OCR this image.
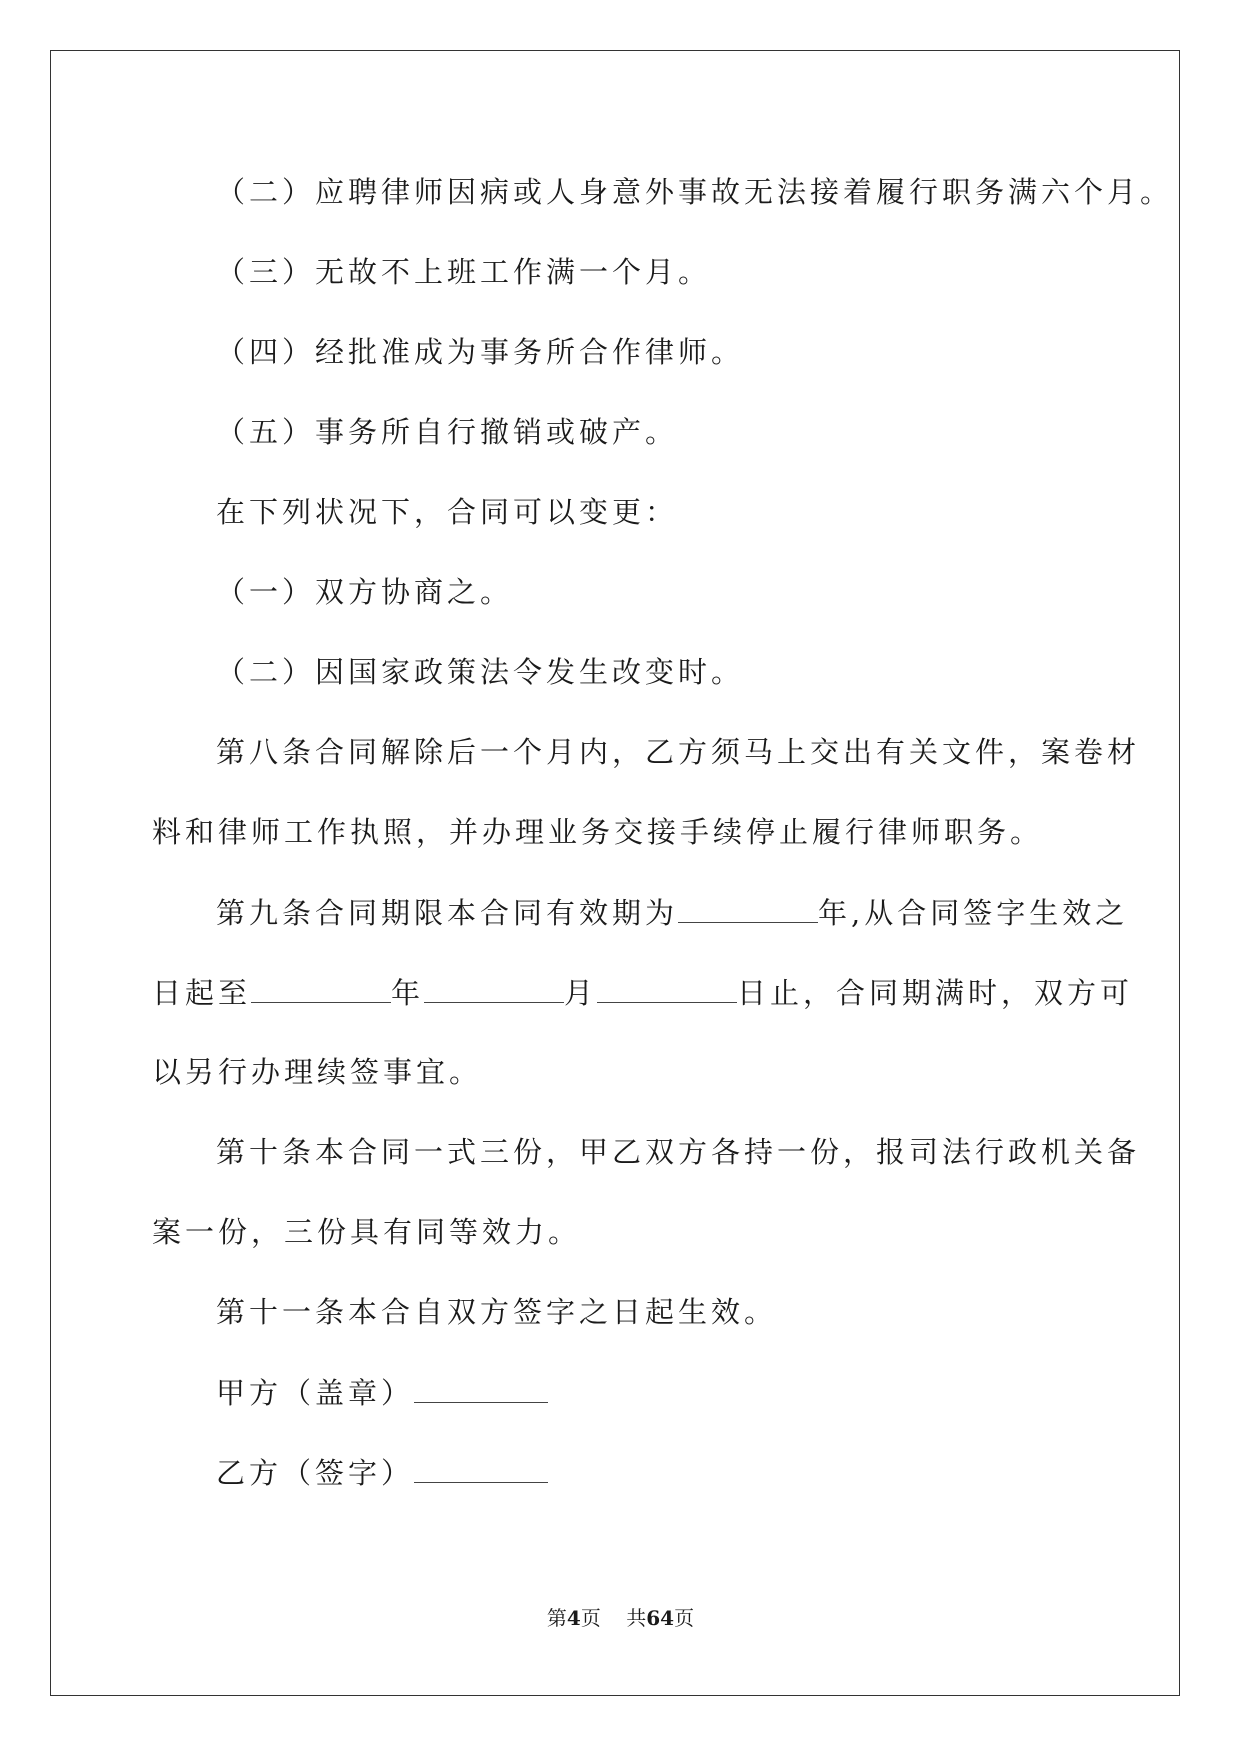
（二）应聘律师因病或人身意外事故无法接着履行职务满六个月。

（三）无故不上班工作满一个月。

（四）经批准成为事务所合作律师。

（五）事务所自行撤销或破产。

在下列状况下，合同可以变更：

（一）双方协商之。

（二）因国家政策法令发生改变时。

第八条合同解除后一个月内，乙方须马上交出有关文件，案卷材

料和律师工作执照，并办理业务交接手续停止履行律师职务。

第九条合同期限本合同有效期为	年,从合同签字生效之

日起至	年	月	日止，合同期满时，双方可

以另行办理续签事宜。

第十条本合同一式三份，甲乙双方各持一份，报司法行政机关备

案一份，三份具有同等效力。

第十一条本合自双方签字之日起生效。

甲方（盖章）

乙方（签字）

第4页 共64页
